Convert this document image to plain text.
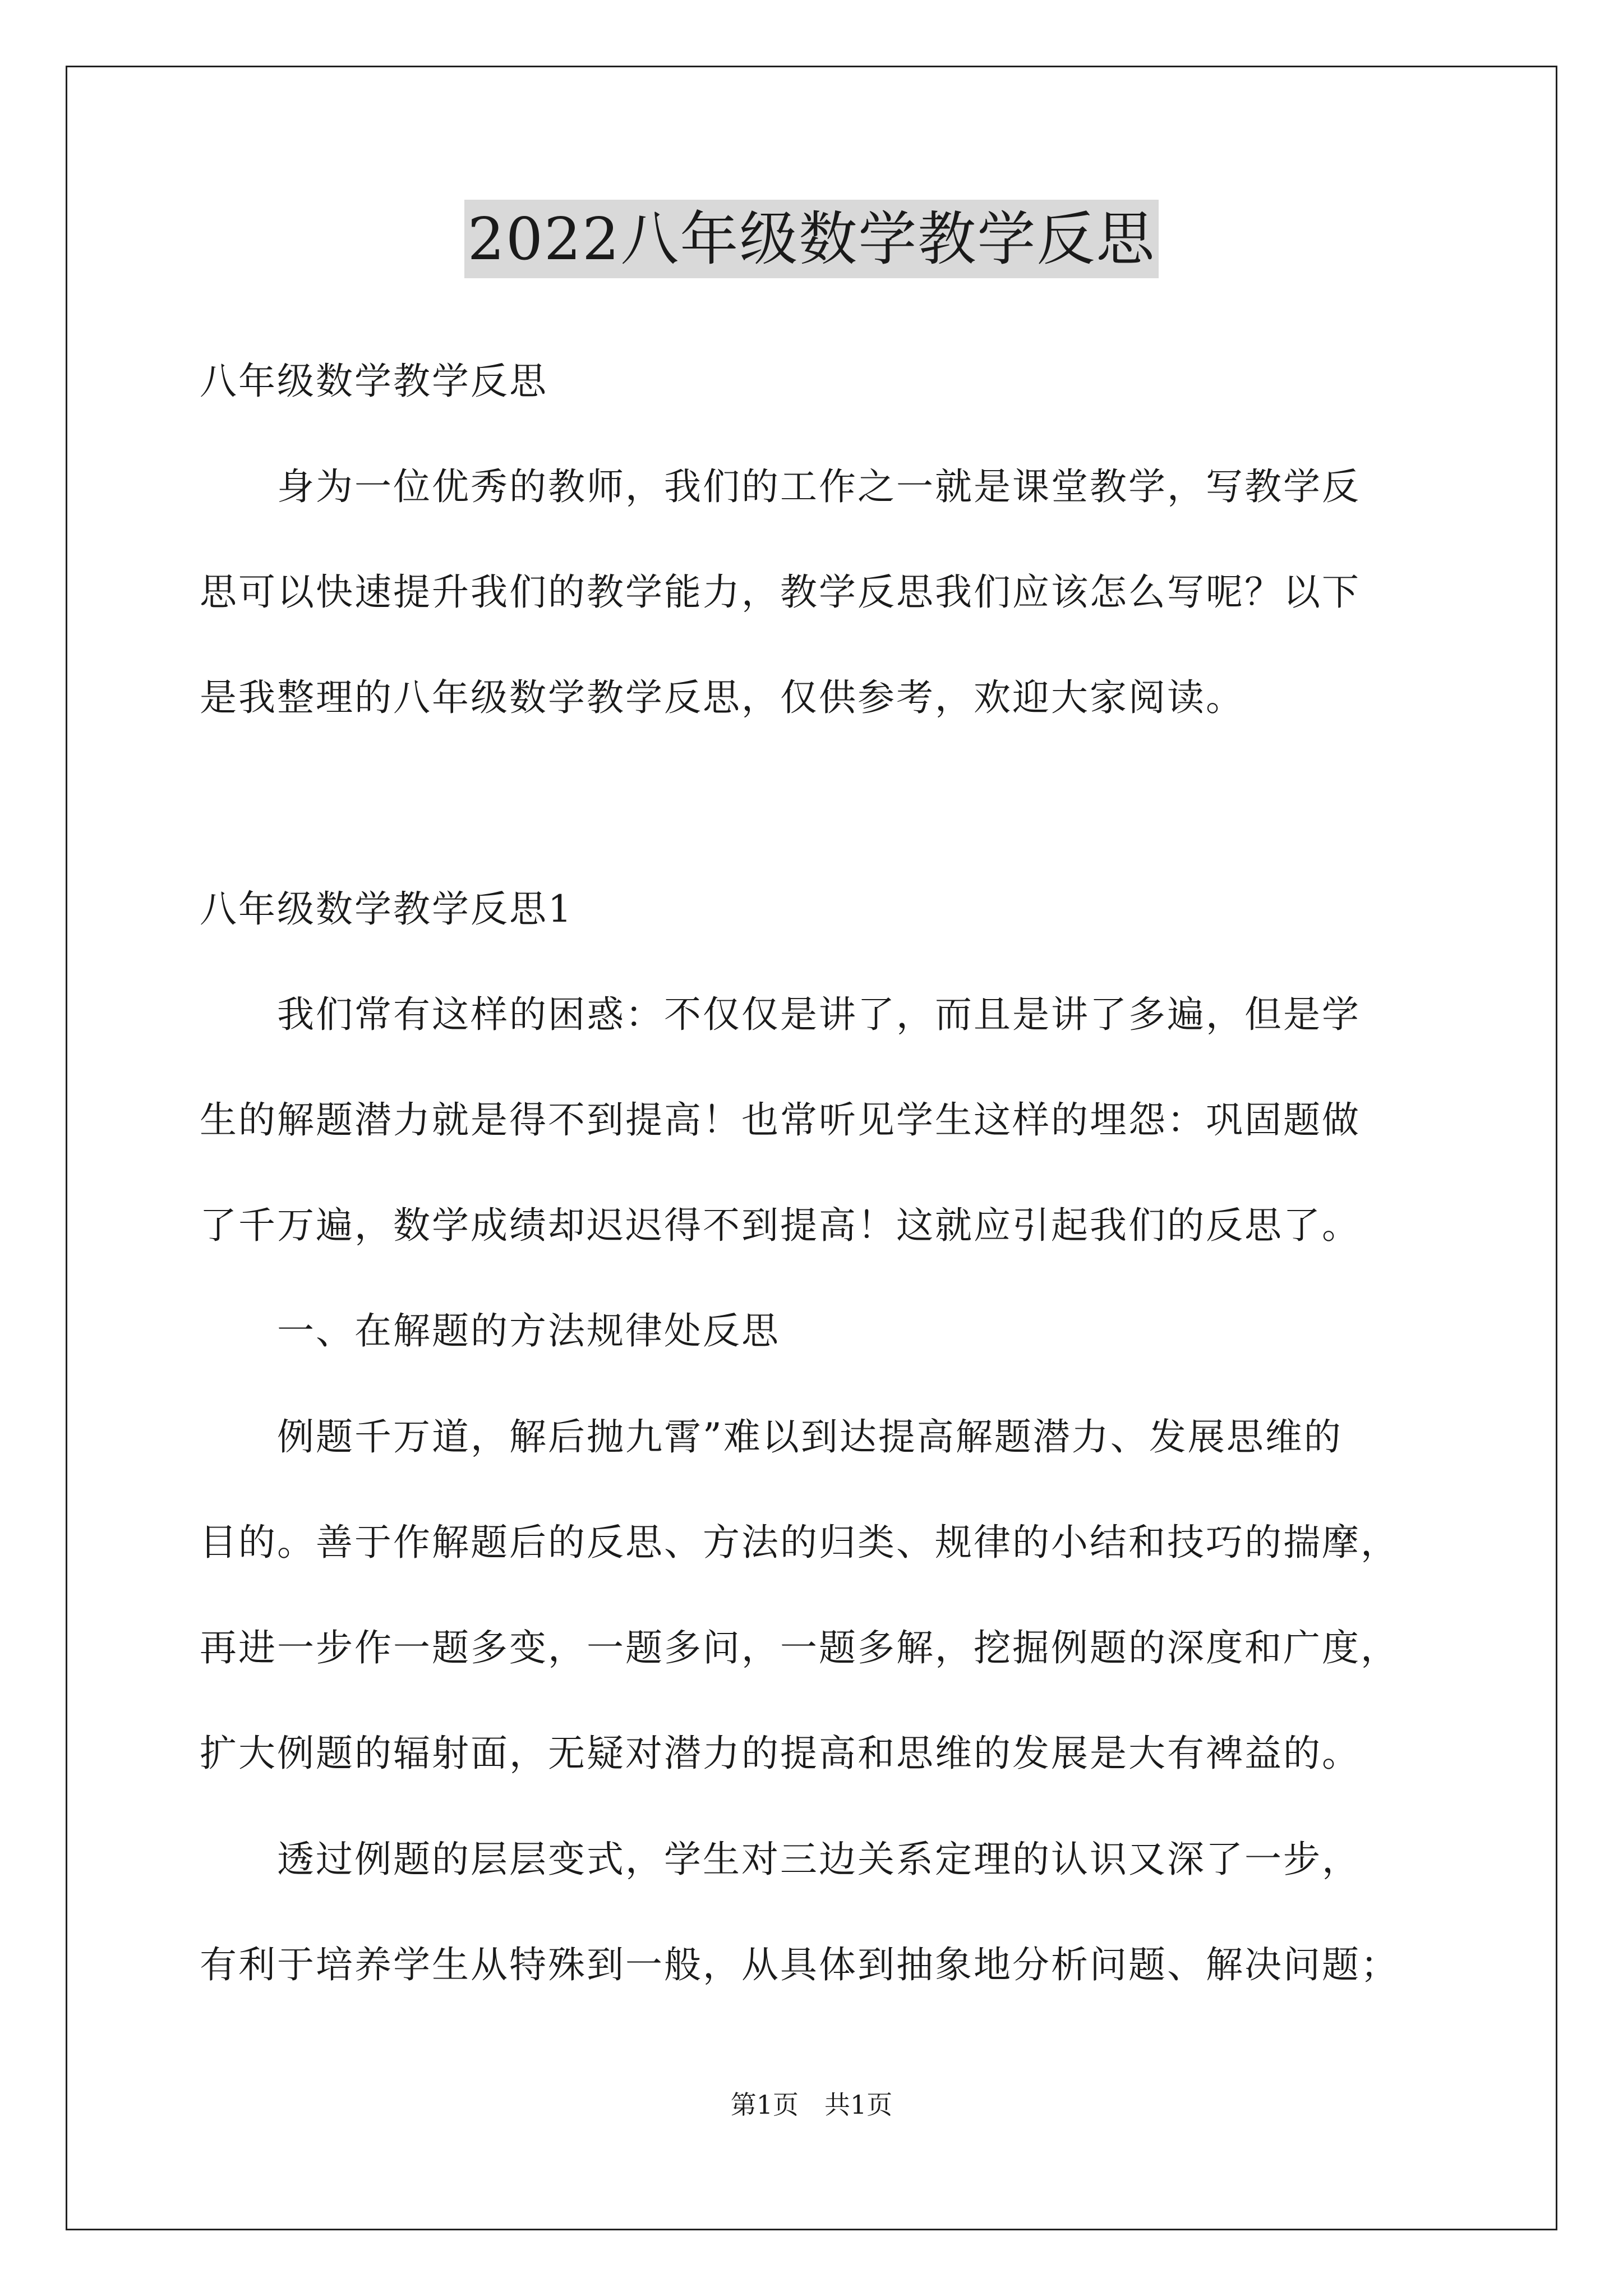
2022八年级数学教学反思
八年级数学教学反思
　　身为一位优秀的教师，我们的工作之一就是课堂教学，写教学反
思可以快速提升我们的教学能力，教学反思我们应该怎么写呢？以下
是我整理的八年级数学教学反思，仅供参考，欢迎大家阅读。
八年级数学教学反思1
　　我们常有这样的困惑：不仅仅是讲了，而且是讲了多遍，但是学
生的解题潜力就是得不到提高！也常听见学生这样的埋怨：巩固题做
了千万遍，数学成绩却迟迟得不到提高！这就应引起我们的反思了。
　　一、在解题的方法规律处反思
　　例题千万道，解后抛九霄”难以到达提高解题潜力、发展思维的
目的。善于作解题后的反思、方法的归类、规律的小结和技巧的揣摩，
再进一步作一题多变，一题多问，一题多解，挖掘例题的深度和广度，
扩大例题的辐射面，无疑对潜力的提高和思维的发展是大有裨益的。
　　透过例题的层层变式，学生对三边关系定理的认识又深了一步，
有利于培养学生从特殊到一般，从具体到抽象地分析问题、解决问题；
第1页　共1页
